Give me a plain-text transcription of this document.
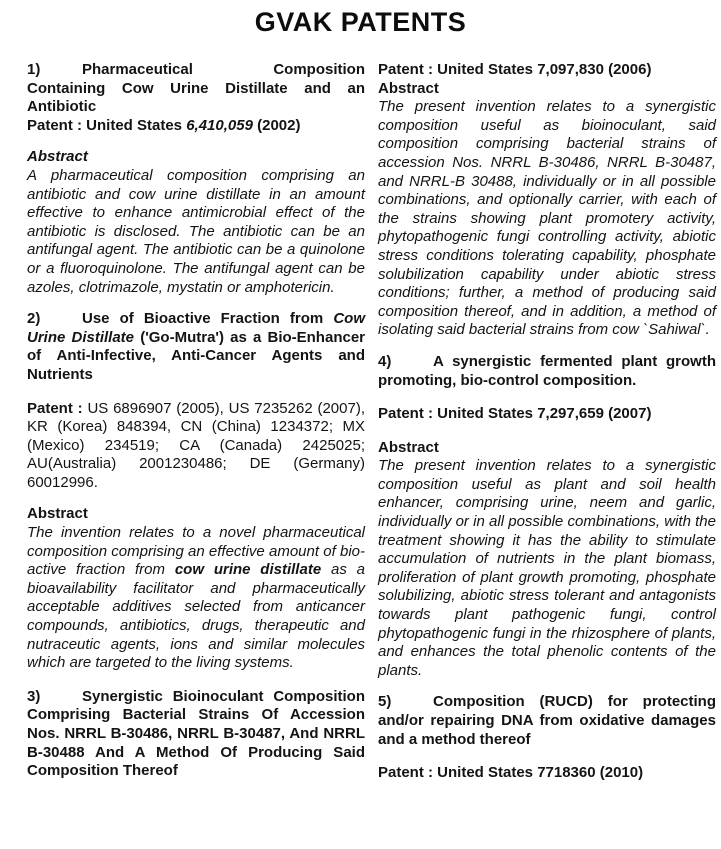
GVAK PATENTS

1)	Pharmaceutical Composition Containing Cow Urine Distillate and an Antibiotic

Patent : United States 6,410,059 (2002)

Abstract

A pharmaceutical composition comprising an antibiotic and cow urine distillate in an amount effective to enhance antimicrobial effect of the antibiotic is disclosed. The antibiotic can be an antifungal agent. The antibiotic can be a quinolone or a fluoroquinolone. The antifungal agent can be azoles, clotrimazole, mystatin or amphotericin.

2)	Use of Bioactive Fraction from Cow Urine Distillate ('Go-Mutra') as a Bio-Enhancer of Anti-Infective, Anti-Cancer Agents and Nutrients

Patent : US 6896907 (2005), US 7235262 (2007), KR (Korea) 848394, CN (China) 1234372; MX (Mexico) 234519; CA (Canada) 2425025; AU(Australia) 2001230486; DE (Germany) 60012996.

Abstract

The invention relates to a novel pharmaceutical composition comprising an effective amount of bio-active fraction from cow urine distillate as a bioavailability facilitator and pharmaceutically acceptable additives selected from anticancer compounds, antibiotics, drugs, therapeutic and nutraceutic agents, ions and similar molecules which are targeted to the living systems.

3)	Synergistic Bioinoculant Composition Comprising Bacterial Strains Of Accession Nos. NRRL B-30486, NRRL B-30487, And NRRL B-30488 And A Method Of Producing Said Composition Thereof

Patent : United States 7,097,830 (2006)

Abstract

The present invention relates to a synergistic composition useful as bioinoculant, said composition comprising bacterial strains of accession Nos. NRRL B-30486, NRRL B-30487, and NRRL-B 30488, individually or in all possible combinations, and optionally carrier, with each of the strains showing plant promotery activity, phytopathogenic fungi controlling activity, abiotic stress conditions tolerating capability, phosphate solubilization capability under abiotic stress conditions; further, a method of producing said composition thereof, and in addition, a method of isolating said bacterial strains from cow `Sahiwal`.

4)	A synergistic fermented plant growth promoting, bio-control composition.

Patent : United States 7,297,659 (2007)

Abstract

The present invention relates to a synergistic composition useful as plant and soil health enhancer, comprising urine, neem and garlic, individually or in all possible combinations, with the treatment showing it has the ability to stimulate accumulation of nutrients in the plant biomass, proliferation of plant growth promoting, phosphate solubilizing, abiotic stress tolerant and antagonists towards plant pathogenic fungi, control phytopathogenic fungi in the rhizosphere of plants, and enhances the total phenolic contents of the plants.

5)	Composition (RUCD) for protecting and/or repairing DNA from oxidative damages and a method thereof

Patent : United States 7718360 (2010)
